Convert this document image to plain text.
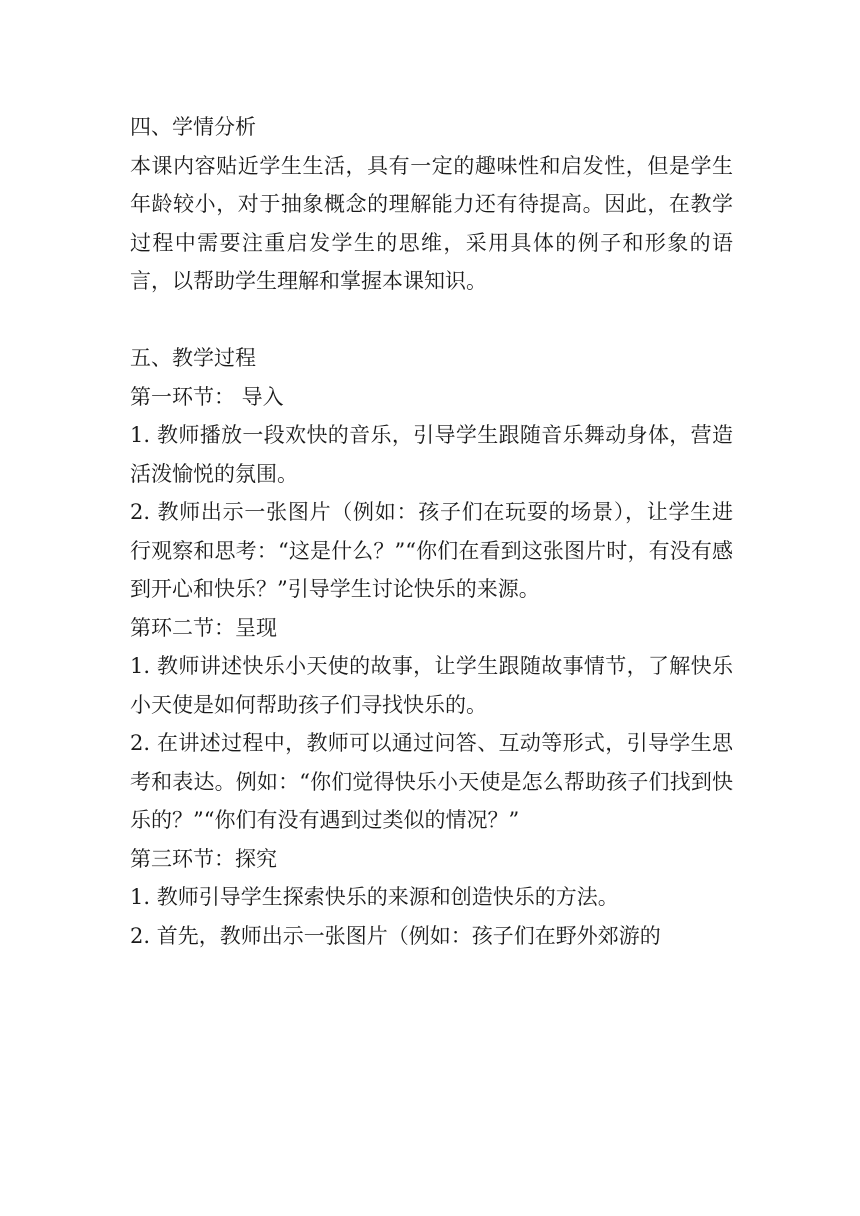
四、学情分析

本课内容贴近学生生活，具有一定的趣味性和启发性，但是学生年龄较小，对于抽象概念的理解能力还有待提高。因此，在教学过程中需要注重启发学生的思维，采用具体的例子和形象的语言，以帮助学生理解和掌握本课知识。

五、教学过程

第一环节： 导入

1. 教师播放一段欢快的音乐，引导学生跟随音乐舞动身体，营造活泼愉悦的氛围。

2. 教师出示一张图片（例如：孩子们在玩耍的场景），让学生进行观察和思考：“这是什么？”“你们在看到这张图片时，有没有感到开心和快乐？”引导学生讨论快乐的来源。

第环二节：呈现

1. 教师讲述快乐小天使的故事，让学生跟随故事情节，了解快乐小天使是如何帮助孩子们寻找快乐的。

2. 在讲述过程中，教师可以通过问答、互动等形式，引导学生思考和表达。例如：“你们觉得快乐小天使是怎么帮助孩子们找到快乐的？”“你们有没有遇到过类似的情况？”

第三环节：探究

1. 教师引导学生探索快乐的来源和创造快乐的方法。

2. 首先，教师出示一张图片（例如：孩子们在野外郊游的
